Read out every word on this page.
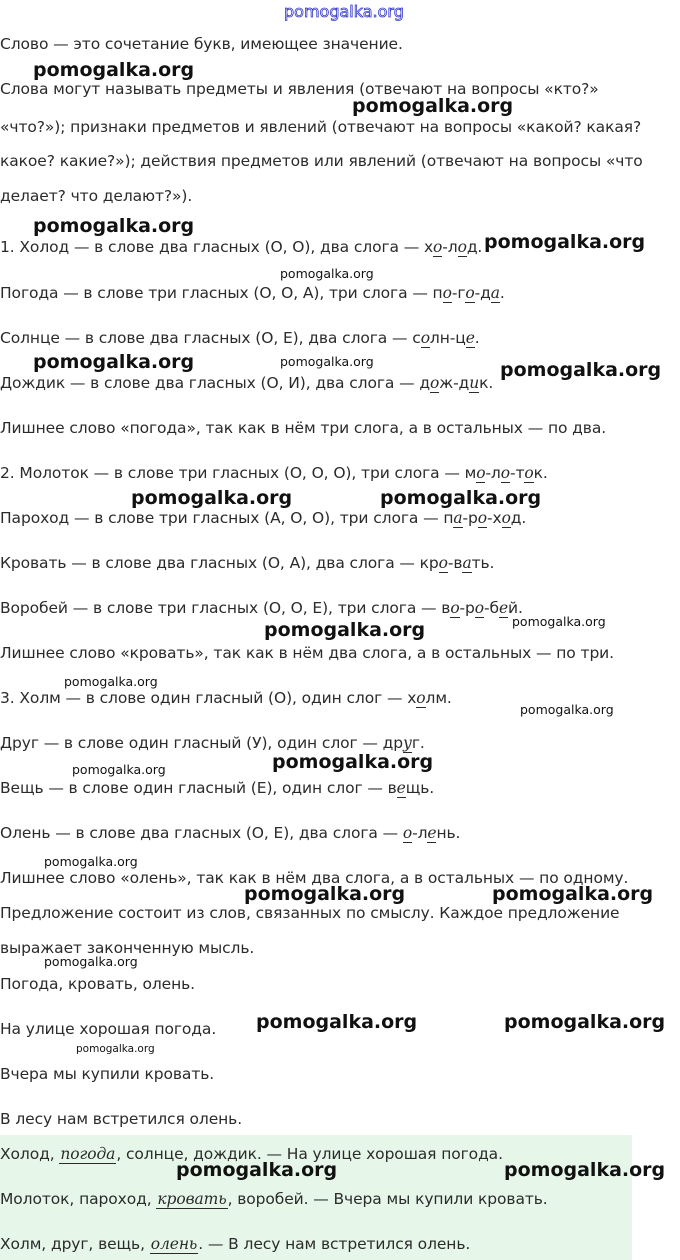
pomogalka.org

Слово — это сочетание букв, имеющее значение.

Слова могут называть предметы и явления (отвечают на вопросы «кто?»

«что?»); признаки предметов и явлений (отвечают на вопросы «какой? какая?

какое? какие?»); действия предметов или явлений (отвечают на вопросы «что

делает? что делают?»).

1. Холод — в слове два гласных (О, О), два слога — хо-лод.

Погода — в слове три гласных (О, О, А), три слога — по-го-да.

Солнце — в слове два гласных (О, Е), два слога — солн-це.

Дождик — в слове два гласных (О, И), два слога — дож-дик.

Лишнее слово «погода», так как в нём три слога, а в остальных — по два.

2. Молоток — в слове три гласных (О, О, О), три слога — мо-ло-ток.

Пароход — в слове три гласных (А, О, О), три слога — па-ро-ход.

Кровать — в слове два гласных (О, А), два слога — кро-вать.

Воробей — в слове три гласных (О, О, Е), три слога — во-ро-бей.

Лишнее слово «кровать», так как в нём два слога, а в остальных — по три.

3. Холм — в слове один гласный (О), один слог — холм.

Друг — в слове один гласный (У), один слог — друг.

Вещь — в слове один гласный (Е), один слог — вещь.

Олень — в слове два гласных (О, Е), два слога — о-лень.

Лишнее слово «олень», так как в нём два слога, а в остальных — по одному.

Предложение состоит из слов, связанных по смыслу. Каждое предложение

выражает законченную мысль.

Погода, кровать, олень.

На улице хорошая погода.

Вчера мы купили кровать.

В лесу нам встретился олень.

Холод, погода, солнце, дождик. — На улице хорошая погода.

Молоток, пароход, кровать, воробей. — Вчера мы купили кровать.

Холм, друг, вещь, олень. — В лесу нам встретился олень.

pomogalka.org
pomogalka.org
pomogalka.org
pomogalka.org
pomogalka.org	pomogalka.org
pomogalka.org	pomogalka.org
pomogalka.org
pomogalka.org
pomogalka.org	pomogalka.org
pomogalka.org	pomogalka.org
pomogalka.org	pomogalka.org
pomogalka.org
pomogalka.org
pomogalka.org
pomogalka.org
pomogalka.org
pomogalka.org
pomogalka.org
pomogalka.org
pomogalka.org
